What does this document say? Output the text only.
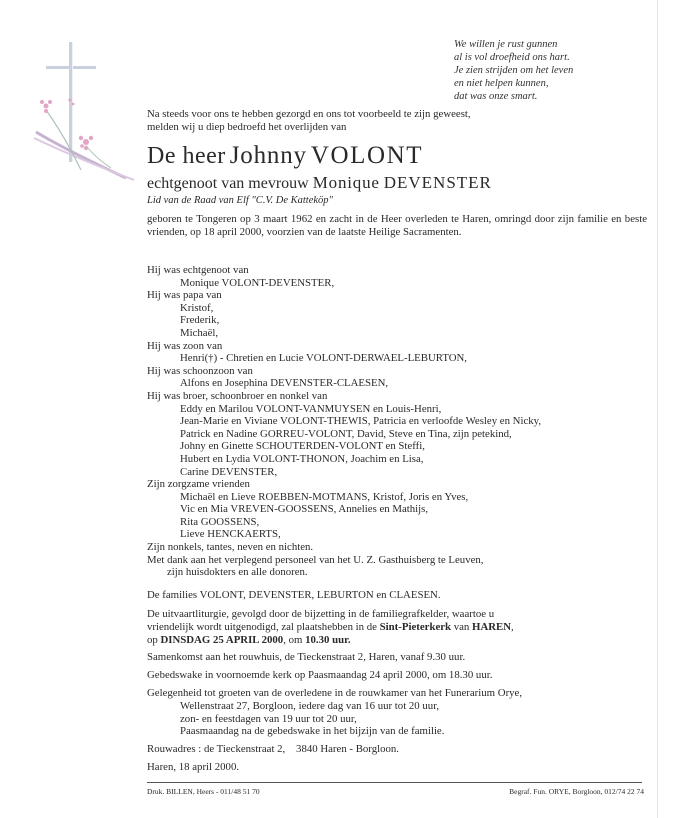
We willen je rust gunnen
al is vol droefheid ons hart.
Je zien strijden om het leven
en niet helpen kunnen,
dat was onze smart.
Na steeds voor ons te hebben gezorgd en ons tot voorbeeld te zijn geweest,
melden wij u diep bedroefd het overlijden van
De heer Johnny VOLONT
echtgenoot van mevrouw Monique DEVENSTER
Lid van de Raad van Elf "C.V. De Katteköp"
geboren te Tongeren op 3 maart 1962 en zacht in de Heer overleden te Haren, omringd door zijn familie en beste vrienden, op 18 april 2000, voorzien van de laatste Heilige Sacramenten.
Hij was echtgenoot van
Monique VOLONT-DEVENSTER,
Hij was papa van
Kristof,
Frederik,
Michaël,
Hij was zoon van
Henri(†) - Chretien en Lucie VOLONT-DERWAEL-LEBURTON,
Hij was schoonzoon van
Alfons en Josephina DEVENSTER-CLAESEN,
Hij was broer, schoonbroer en nonkel van
Eddy en Marilou VOLONT-VANMUYSEN en Louis-Henri,
Jean-Marie en Viviane VOLONT-THEWIS, Patricia en verloofde Wesley en Nicky,
Patrick en Nadine GORREU-VOLONT, David, Steve en Tina, zijn petekind,
Johny en Ginette SCHOUTERDEN-VOLONT en Steffi,
Hubert en Lydia VOLONT-THONON, Joachim en Lisa,
Carine DEVENSTER,
Zijn zorgzame vrienden
Michaël en Lieve ROEBBEN-MOTMANS, Kristof, Joris en Yves,
Vic en Mia VREVEN-GOOSSENS, Annelies en Mathijs,
Rita GOOSSENS,
Lieve HENCKAERTS,
Zijn nonkels, tantes, neven en nichten.
Met dank aan het verplegend personeel van het U. Z. Gasthuisberg te Leuven,
zijn huisdokters en alle donoren.
De families VOLONT, DEVENSTER, LEBURTON en CLAESEN.
De uitvaartliturgie, gevolgd door de bijzetting in de familiegrafkelder, waartoe u
vriendelijk wordt uitgenodigd, zal plaatshebben in de Sint-Pieterkerk van HAREN,
op DINSDAG 25 APRIL 2000, om 10.30 uur.
Samenkomst aan het rouwhuis, de Tieckenstraat 2, Haren, vanaf 9.30 uur.
Gebedswake in voornoemde kerk op Paasmaandag 24 april 2000, om 18.30 uur.
Gelegenheid tot groeten van de overledene in de rouwkamer van het Funerarium Orye,
Wellenstraat 27, Borgloon, iedere dag van 16 uur tot 20 uur,
zon- en feestdagen van 19 uur tot 20 uur,
Paasmaandag na de gebedswake in het bijzijn van de familie.
Rouwadres : de Tieckenstraat 2, 3840 Haren - Borgloon.
Haren, 18 april 2000.
Druk. BILLEN, Heers - 011/48 51 70	Begraf. Fun. ORYE, Borgloon, 012/74 22 74
